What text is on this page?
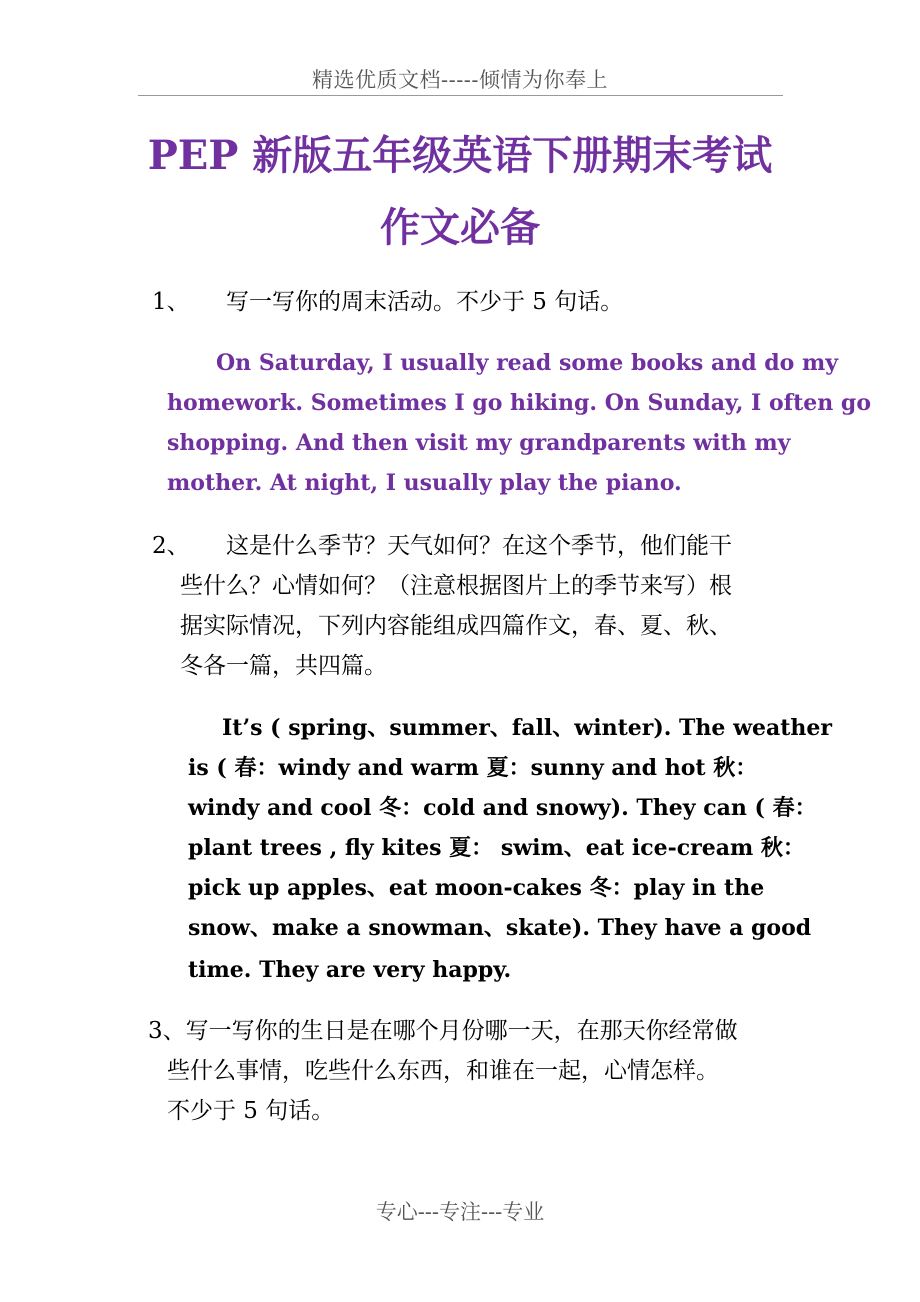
精选优质文档-----倾情为你奉上
PEP 新版五年级英语下册期末考试
作文必备
1、 写一写你的周末活动。不少于 5 句话。
On Saturday, I usually read some books and do my
homework. Sometimes I go hiking. On Sunday, I often go
shopping. And then visit my grandparents with my
mother. At night, I usually play the piano.
2、 这是什么季节？天气如何？在这个季节，他们能干
些什么？心情如何？（注意根据图片上的季节来写）根
据实际情况，下列内容能组成四篇作文，春、夏、秋、
冬各一篇，共四篇。
It’s ( spring、summer、fall、winter). The weather
is ( 春：windy and warm 夏：sunny and hot 秋：
windy and cool 冬：cold and snowy). They can ( 春：
plant trees , fly kites 夏： swim、eat ice-cream 秋：
pick up apples、eat moon-cakes 冬：play in the
snow、make a snowman、skate). They have a good
time. They are very happy.
3、写一写你的生日是在哪个月份哪一天，在那天你经常做
些什么事情，吃些什么东西，和谁在一起，心情怎样。
不少于 5 句话。
专心---专注---专业
